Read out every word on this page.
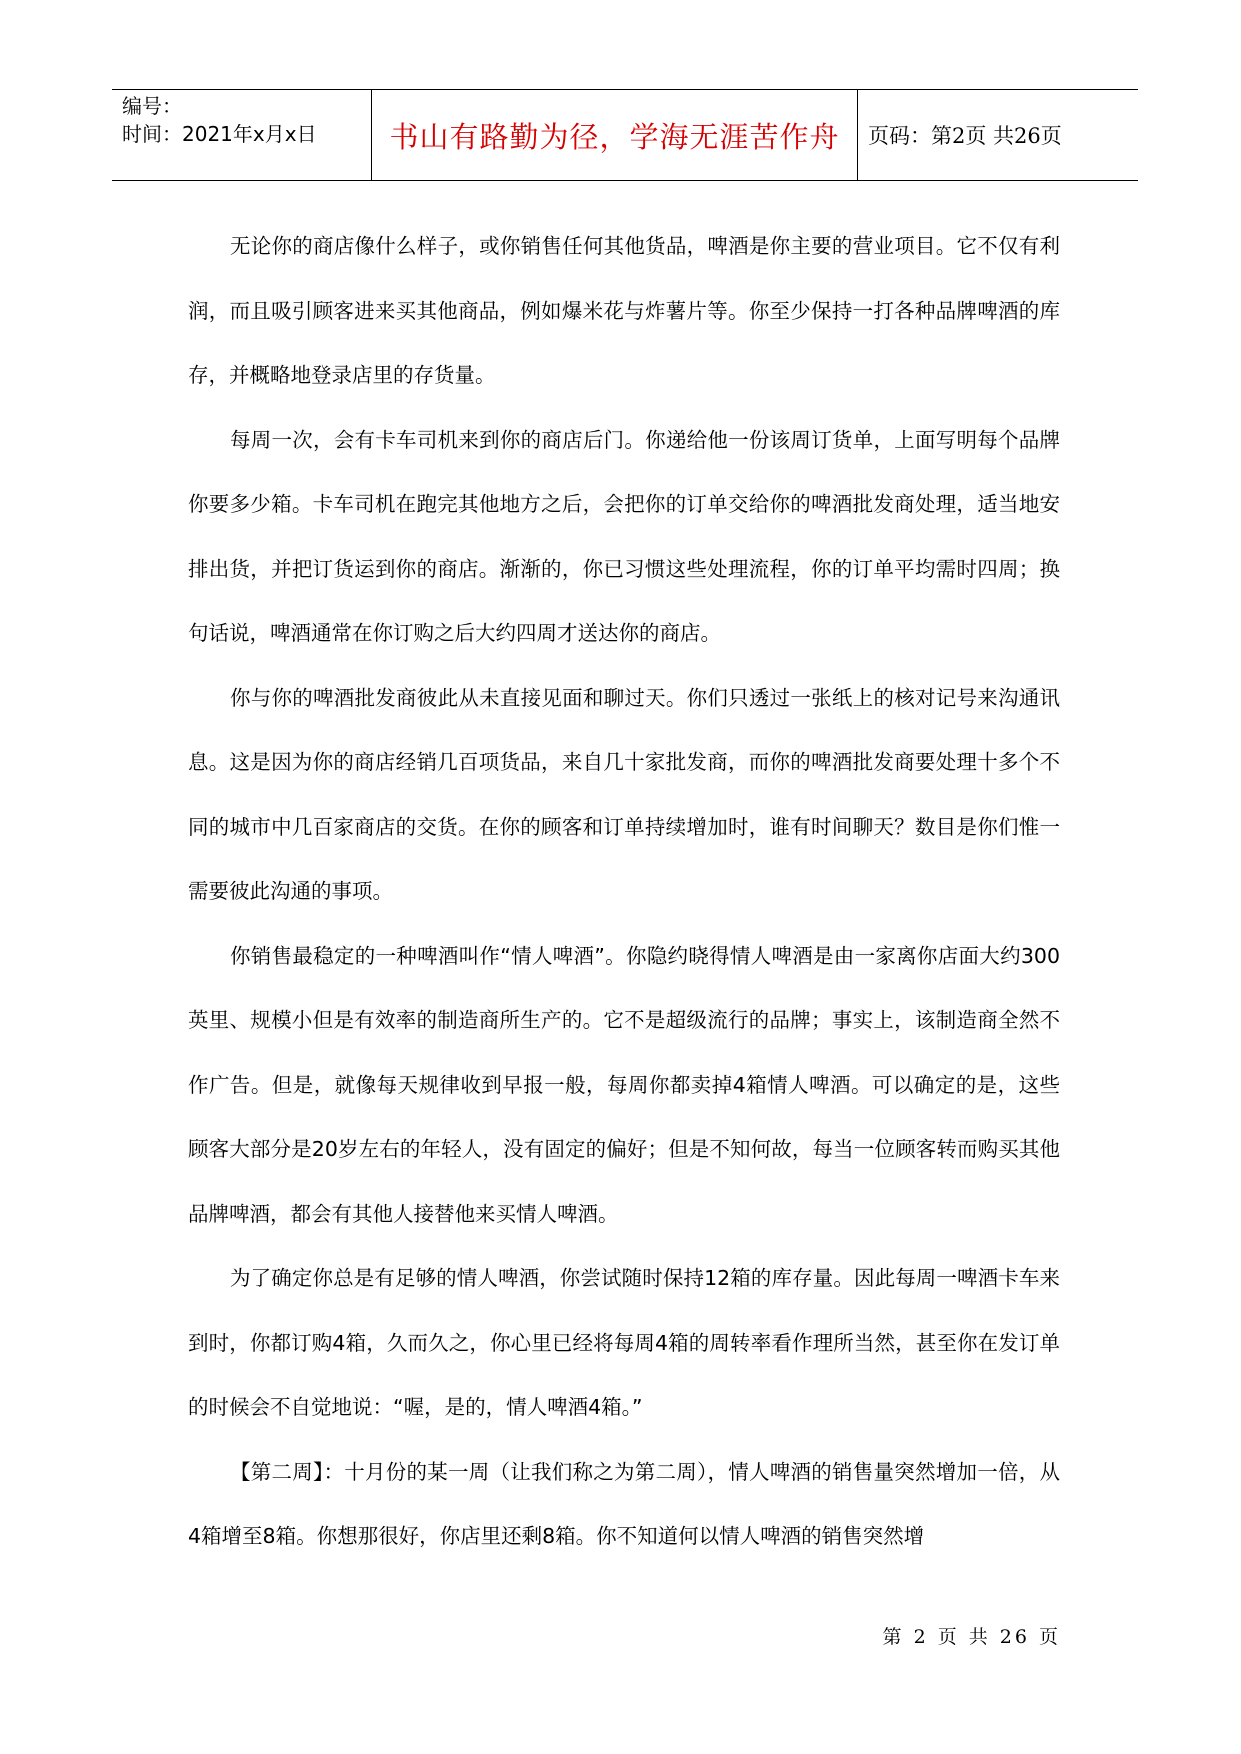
编号：
时间：2021年x月x日	书山有路勤为径，学海无涯苦作舟	页码：第2页 共26页

无论你的商店像什么样子，或你销售任何其他货品，啤酒是你主要的营业项目。它不仅有利润，而且吸引顾客进来买其他商品，例如爆米花与炸薯片等。你至少保持一打各种品牌啤酒的库存，并概略地登录店里的存货量。

每周一次，会有卡车司机来到你的商店后门。你递给他一份该周订货单，上面写明每个品牌你要多少箱。卡车司机在跑完其他地方之后，会把你的订单交给你的啤酒批发商处理，适当地安排出货，并把订货运到你的商店。渐渐的，你已习惯这些处理流程，你的订单平均需时四周；换句话说，啤酒通常在你订购之后大约四周才送达你的商店。

你与你的啤酒批发商彼此从未直接见面和聊过天。你们只透过一张纸上的核对记号来沟通讯息。这是因为你的商店经销几百项货品，来自几十家批发商，而你的啤酒批发商要处理十多个不同的城市中几百家商店的交货。在你的顾客和订单持续增加时，谁有时间聊天？数目是你们惟一需要彼此沟通的事项。

你销售最稳定的一种啤酒叫作“情人啤酒”。你隐约晓得情人啤酒是由一家离你店面大约300英里、规模小但是有效率的制造商所生产的。它不是超级流行的品牌；事实上，该制造商全然不作广告。但是，就像每天规律收到早报一般，每周你都卖掉4箱情人啤酒。可以确定的是，这些顾客大部分是20岁左右的年轻人，没有固定的偏好；但是不知何故，每当一位顾客转而购买其他品牌啤酒，都会有其他人接替他来买情人啤酒。

为了确定你总是有足够的情人啤酒，你尝试随时保持12箱的库存量。因此每周一啤酒卡车来到时，你都订购4箱，久而久之，你心里已经将每周4箱的周转率看作理所当然，甚至你在发订单的时候会不自觉地说：“喔，是的，情人啤酒4箱。”

【第二周】：十月份的某一周（让我们称之为第二周），情人啤酒的销售量突然增加一倍，从4箱增至8箱。你想那很好，你店里还剩8箱。你不知道何以情人啤酒的销售突然增

第 2 页 共 26 页
